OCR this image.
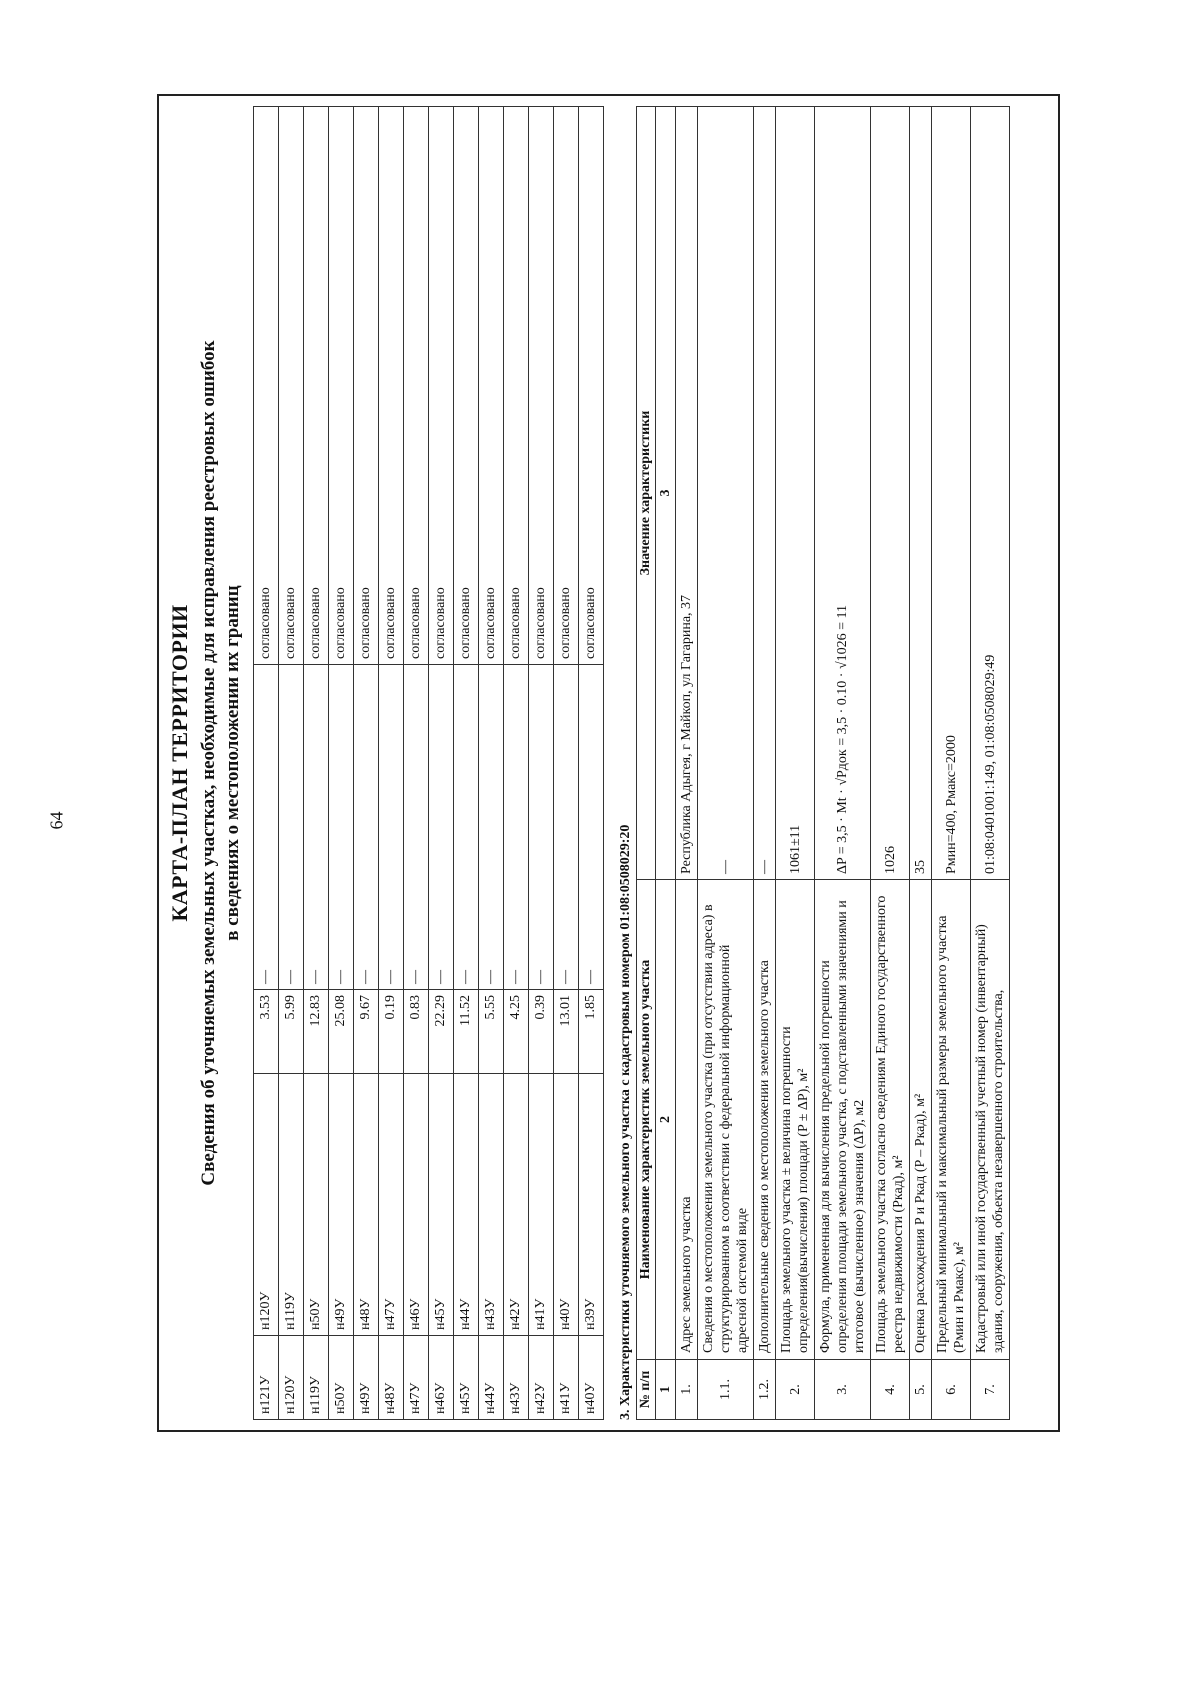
64	КАРТА-ПЛАН ТЕРРИТОРИИ Сведения об уточняемых земельных участках, необходимые для исправления реестровых ошибок в сведениях о местоположении их границ
н121У	н120У	3.53	—	согласовано
н120У	н119У	5.99	—	согласовано
н119У	н50У	12.83	—	согласовано
н50У	н49У	25.08	—	согласовано
н49У	н48У	9.67	—	согласовано
н48У	н47У	0.19	—	согласовано
н47У	н46У	0.83	—	согласовано
н46У	н45У	22.29	—	согласовано
н45У	н44У	11.52	—	согласовано
н44У	н43У	5.55	—	согласовано
н43У	н42У	4.25	—	согласовано
н42У	н41У	0.39	—	согласовано
н41У	н40У	13.01	—	согласовано
н40У	н39У	1.85	—	согласовано
3. Характеристики уточняемого земельного участка с кадастровым номером 01:08:0508029:20 № п/п	Наименование характеристик земельного участка	Значение характеристики
1	2	3
1.	Адрес земельного участка	Республика Адыгея, г Майкоп, ул Гагарина, 37
1.1.	Сведения о местоположении земельного участка (при отсутствии адреса) в структурированном в соответствии с федеральной информационной адресной системой виде	—
1.2.	Дополнительные сведения о местоположении земельного участка	—
2.	Площадь земельного участка ± величина погрешности определения(вычисления) площади (P ± ΔP), м²	1061±11
3.	Формула, примененная для вычисления предельной погрешности определения площади земельного участка, с подставленными значениями и итоговое (вычисленное) значения (ΔP), м2	ΔP = 3,5 · Mt · √Pдок = 3,5 · 0.10 · √1026 = 11
4.	Площадь земельного участка согласно сведениям Единого государственного реестра недвижимости (Pкад), м²	1026
5.	Оценка расхождения P и Pкад (P – Pкад), м²	35
6.	Предельный минимальный и максимальный размеры земельного участка (Pмин и Pмакс), м²	Pмин=400, Pмакс=2000
7.	Кадастровый или иной государственный учетный номер (инвентарный) здания, сооружения, объекта незавершенного строительства,	01:08:0401001:149, 01:08:0508029:49
